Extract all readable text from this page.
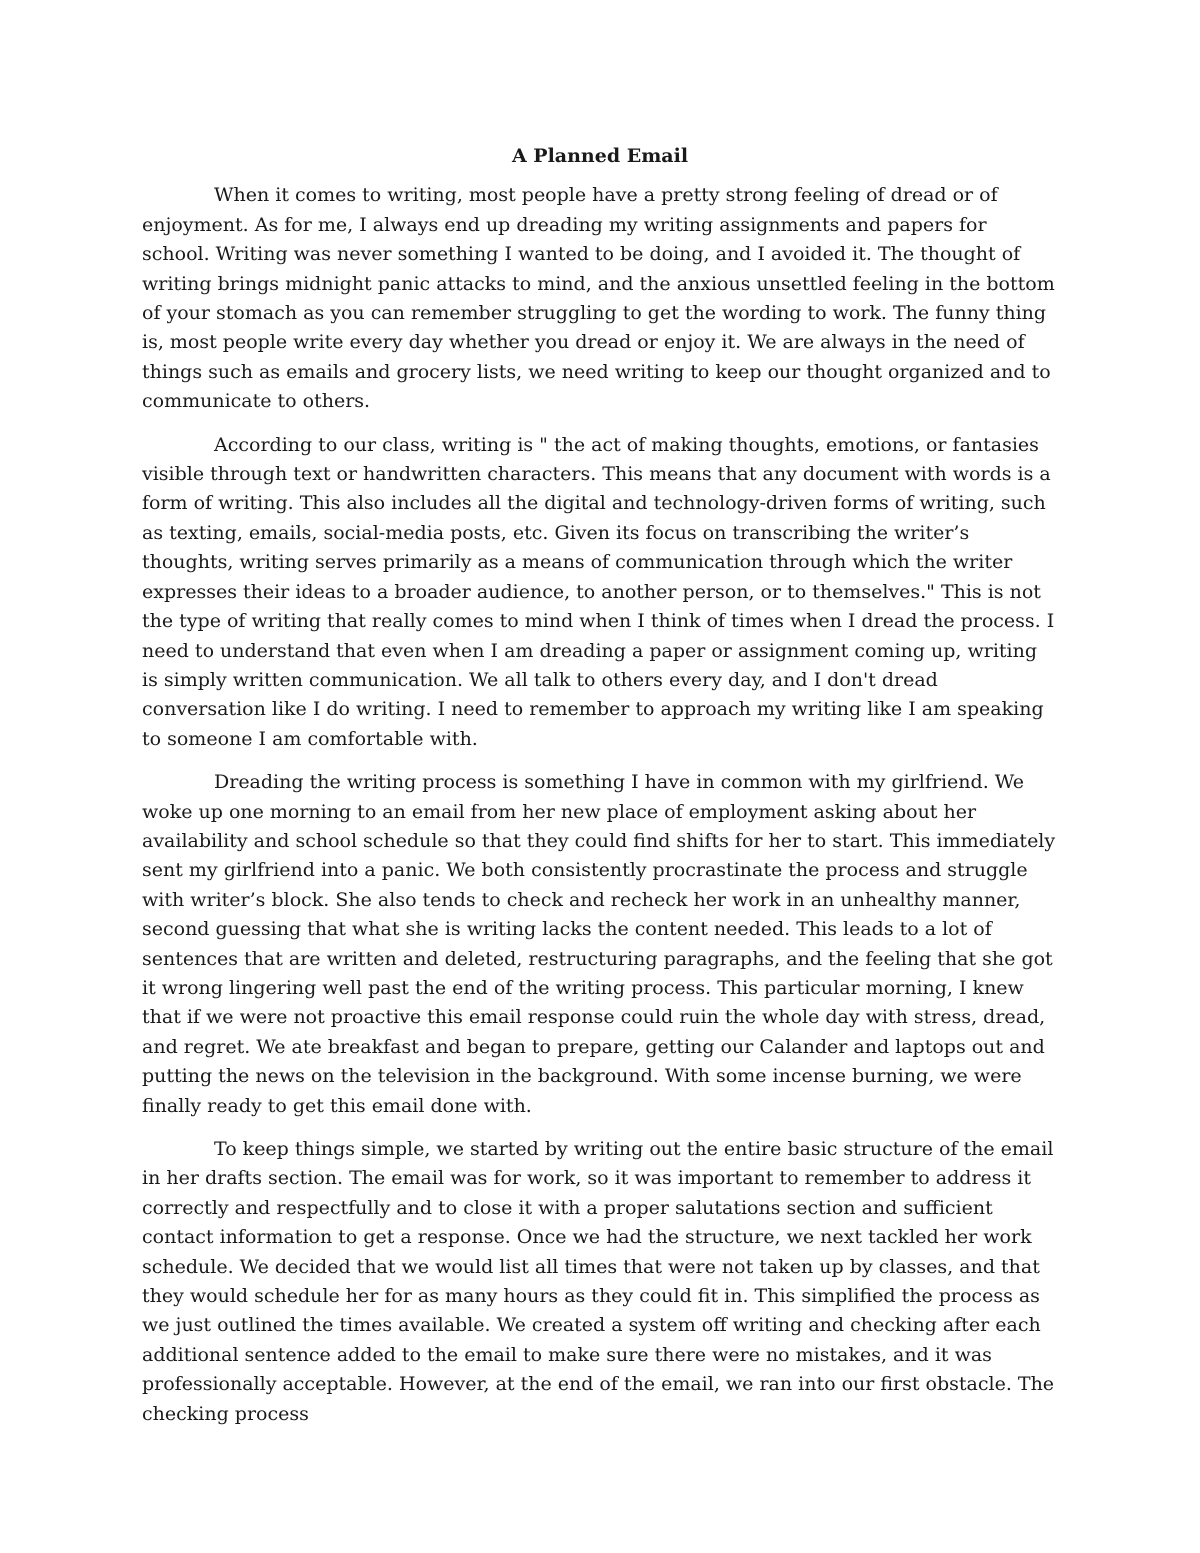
A Planned Email

When it comes to writing, most people have a pretty strong feeling of dread or of enjoyment. As for me, I always end up dreading my writing assignments and papers for school. Writing was never something I wanted to be doing, and I avoided it. The thought of writing brings midnight panic attacks to mind, and the anxious unsettled feeling in the bottom of your stomach as you can remember struggling to get the wording to work. The funny thing is, most people write every day whether you dread or enjoy it. We are always in the need of things such as emails and grocery lists, we need writing to keep our thought organized and to communicate to others.

According to our class, writing is " the act of making thoughts, emotions, or fantasies visible through text or handwritten characters. This means that any document with words is a form of writing. This also includes all the digital and technology-driven forms of writing, such as texting, emails, social-media posts, etc. Given its focus on transcribing the writer’s thoughts, writing serves primarily as a means of communication through which the writer expresses their ideas to a broader audience, to another person, or to themselves." This is not the type of writing that really comes to mind when I think of times when I dread the process. I need to understand that even when I am dreading a paper or assignment coming up, writing is simply written communication. We all talk to others every day, and I don't dread conversation like I do writing. I need to remember to approach my writing like I am speaking to someone I am comfortable with.

Dreading the writing process is something I have in common with my girlfriend. We woke up one morning to an email from her new place of employment asking about her availability and school schedule so that they could find shifts for her to start. This immediately sent my girlfriend into a panic. We both consistently procrastinate the process and struggle with writer’s block. She also tends to check and recheck her work in an unhealthy manner, second guessing that what she is writing lacks the content needed. This leads to a lot of sentences that are written and deleted, restructuring paragraphs, and the feeling that she got it wrong lingering well past the end of the writing process. This particular morning, I knew that if we were not proactive this email response could ruin the whole day with stress, dread, and regret. We ate breakfast and began to prepare, getting our Calander and laptops out and putting the news on the television in the background. With some incense burning, we were finally ready to get this email done with.

To keep things simple, we started by writing out the entire basic structure of the email in her drafts section. The email was for work, so it was important to remember to address it correctly and respectfully and to close it with a proper salutations section and sufficient contact information to get a response. Once we had the structure, we next tackled her work schedule. We decided that we would list all times that were not taken up by classes, and that they would schedule her for as many hours as they could fit in. This simplified the process as we just outlined the times available. We created a system off writing and checking after each additional sentence added to the email to make sure there were no mistakes, and it was professionally acceptable. However, at the end of the email, we ran into our first obstacle. The checking process
